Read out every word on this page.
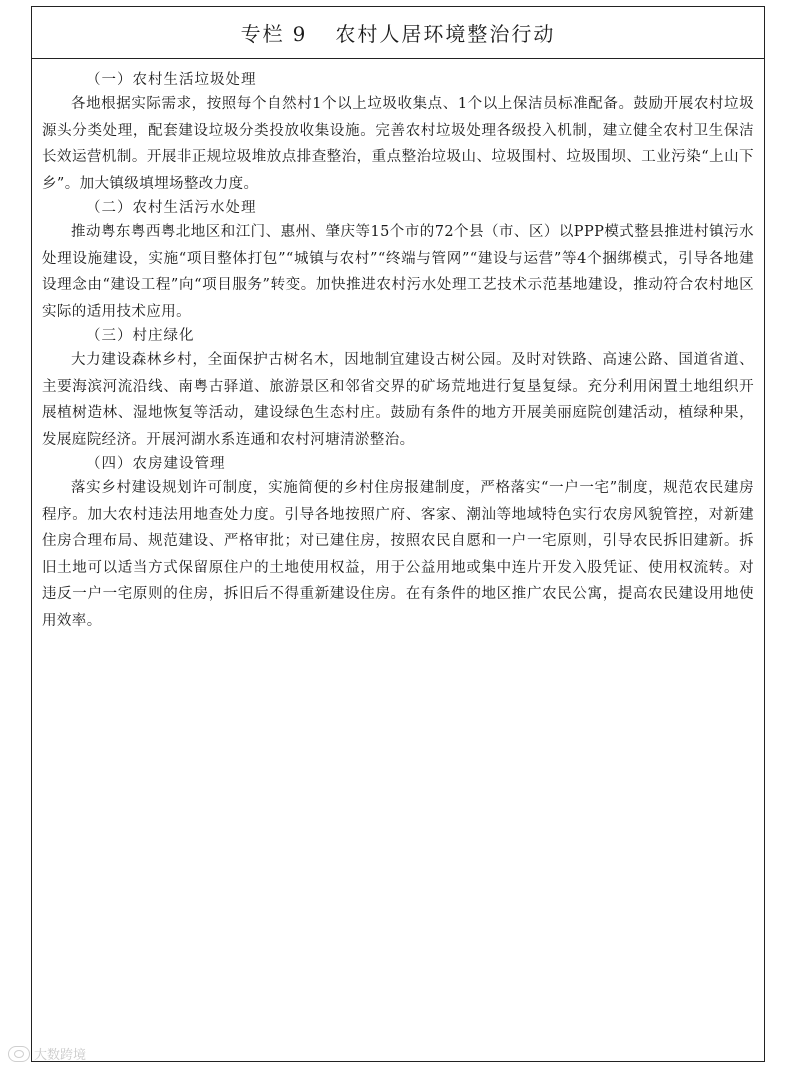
专栏 9 农村人居环境整治行动

（一）农村生活垃圾处理

各地根据实际需求，按照每个自然村1个以上垃圾收集点、1个以上保洁员标准配备。鼓励开展农村垃圾源头分类处理，配套建设垃圾分类投放收集设施。完善农村垃圾处理各级投入机制，建立健全农村卫生保洁长效运营机制。开展非正规垃圾堆放点排查整治，重点整治垃圾山、垃圾围村、垃圾围坝、工业污染“上山下乡”。加大镇级填埋场整改力度。

（二）农村生活污水处理

推动粤东粤西粤北地区和江门、惠州、肇庆等15个市的72个县（市、区）以PPP模式整县推进村镇污水处理设施建设，实施“项目整体打包”“城镇与农村”“终端与管网”“建设与运营”等4个捆绑模式，引导各地建设理念由“建设工程”向“项目服务”转变。加快推进农村污水处理工艺技术示范基地建设，推动符合农村地区实际的适用技术应用。

（三）村庄绿化

大力建设森林乡村，全面保护古树名木，因地制宜建设古树公园。及时对铁路、高速公路、国道省道、主要海滨河流沿线、南粤古驿道、旅游景区和邻省交界的矿场荒地进行复垦复绿。充分利用闲置土地组织开展植树造林、湿地恢复等活动，建设绿色生态村庄。鼓励有条件的地方开展美丽庭院创建活动，植绿种果，发展庭院经济。开展河湖水系连通和农村河塘清淤整治。

（四）农房建设管理

落实乡村建设规划许可制度，实施简便的乡村住房报建制度，严格落实“一户一宅”制度，规范农民建房程序。加大农村违法用地查处力度。引导各地按照广府、客家、潮汕等地域特色实行农房风貌管控，对新建住房合理布局、规范建设、严格审批；对已建住房，按照农民自愿和一户一宅原则，引导农民拆旧建新。拆旧土地可以适当方式保留原住户的土地使用权益，用于公益用地或集中连片开发入股凭证、使用权流转。对违反一户一宅原则的住房，拆旧后不得重新建设住房。在有条件的地区推广农民公寓，提高农民建设用地使用效率。

大数跨境
